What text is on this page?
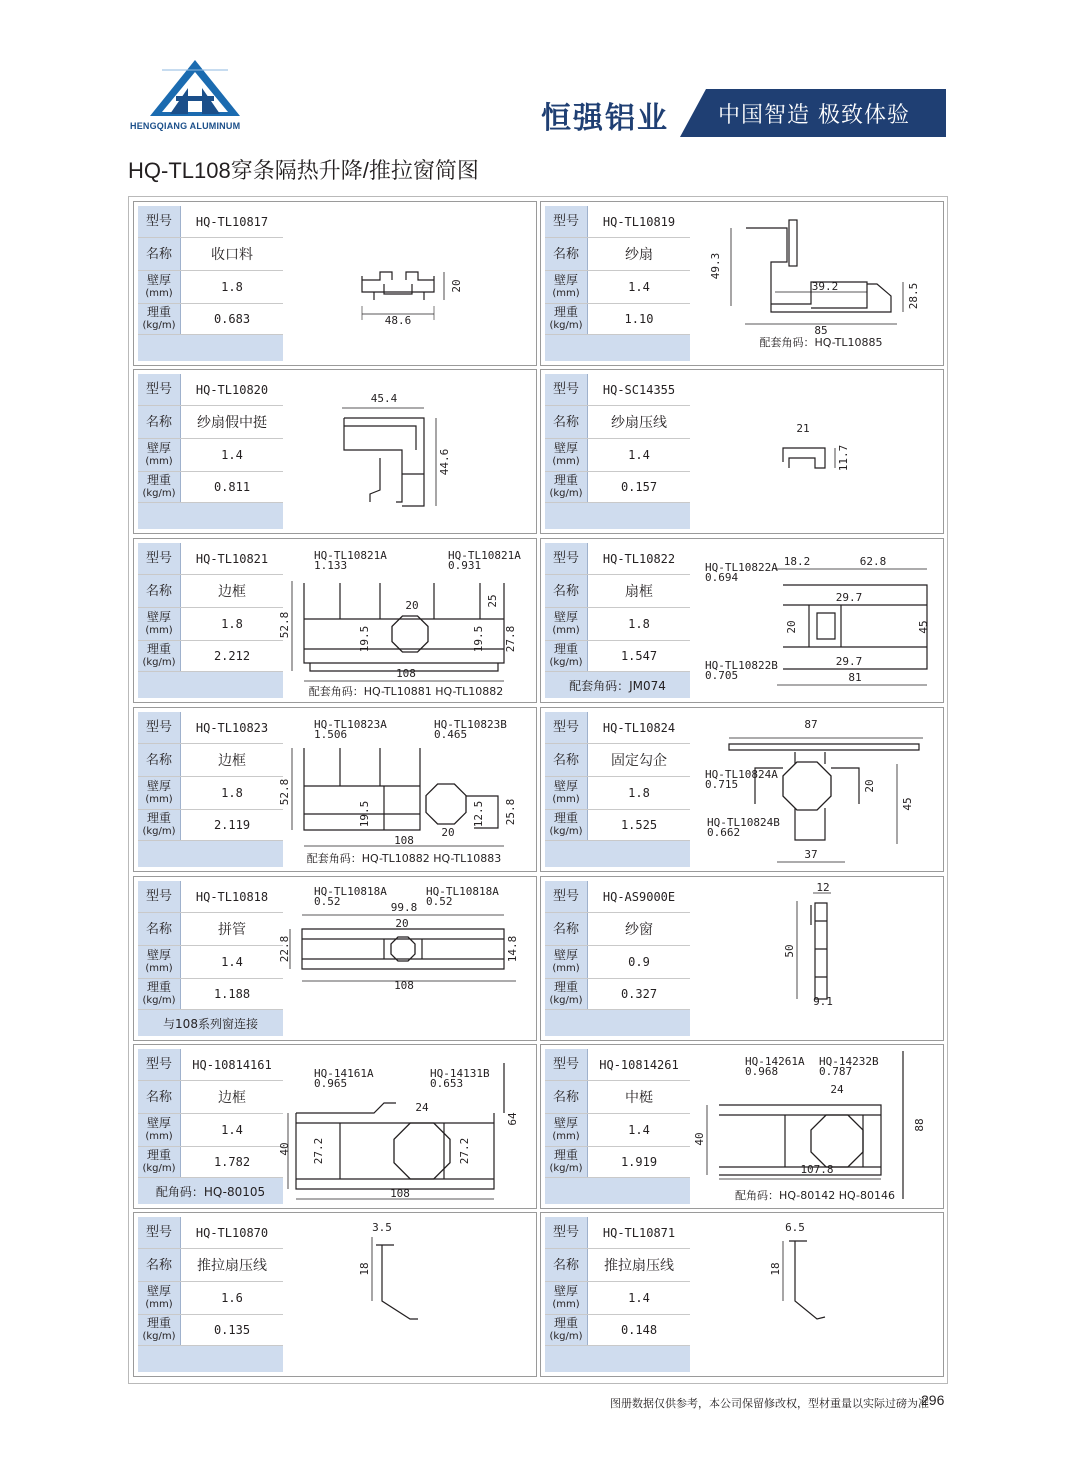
HENGQIANG ALUMINUM	恒强铝业 中国智造 极致体验
HQ-TL108穿条隔热升降/推拉窗简图
型号	HQ-TL10817
名称	收口料
壁厚
(mm)	1.8
理重
(kg/m)	0.683	48.6
20
型号	HQ-TL10819
名称	纱扇
壁厚
(mm)	1.4
理重
(kg/m)	1.10
49.3
39.2	28.5
85
配套角码：HQ-TL10885
型号	HQ-TL10820
名称	纱扇假中挺
壁厚
(mm)	1.4
理重
(kg/m)	0.811
45.4
44.6
型号	HQ-SC14355
名称	纱扇压线
壁厚
(mm)	1.4
理重
(kg/m)	0.157
21
11.7
型号	HQ-TL10821
名称	边框
壁厚
(mm)	1.8
理重
(kg/m)	2.212
HQ-TL10821A
1.133
HQ-TL10821A
0.931
52.8
20	25
19.5	19.5 27.8
108
配套角码：HQ-TL10881 HQ-TL10882
型号	HQ-TL10822
名称	扇框
壁厚
(mm)	1.8
理重
(kg/m)	1.547
配套角码：JM074
HQ-TL10822A
0.694
HQ-TL10822B
0.705
18.2	62.8
29.7
20	45
29.7
81
型号	HQ-TL10823
名称	边框
壁厚
(mm)	1.8
理重
(kg/m)	2.119
HQ-TL10823A
1.506
HQ-TL10823B
0.465
52.8
19.5	12.5 25.8
20
108
配套角码：HQ-TL10882 HQ-TL10883
型号	HQ-TL10824
名称	固定勾企
壁厚
(mm)	1.8
理重
(kg/m)	1.525
87
HQ-TL10824A
0.715
HQ-TL10824B
0.662
20
45
37
型号	HQ-TL10818
名称	拼管
壁厚
(mm)	1.4
理重
(kg/m)	1.188
与108系列窗连接
HQ-TL10818A
0.52
HQ-TL10818A
0.52
99.8
20
22.8	14.8
108
型号	HQ-AS9000E
名称	纱窗
壁厚
(mm)	0.9
理重
(kg/m)	0.327
12
50
9.1
型号	HQ-10814161
名称	边框
壁厚
(mm)	1.4
理重
(kg/m)	1.782
配角码：HQ-80105
HQ-14161A
0.965
HQ-14131B
0.653
24
40 27.2	27.2
64
108
型号	HQ-10814261
名称	中梃
壁厚
(mm)	1.4
理重
(kg/m)	1.919
HQ-14261A
0.968
HQ-14232B
0.787
24
40
88
107.8
配角码：HQ-80142 HQ-80146
型号	HQ-TL10870
名称	推拉扇压线
壁厚
(mm)	1.6
理重
(kg/m)	0.135
3.5
18
型号	HQ-TL10871
名称	推拉扇压线
壁厚
(mm)	1.4
理重
(kg/m)	0.148
6.5
18
图册数据仅供参考，本公司保留修改权，型材重量以实际过磅为准
296
